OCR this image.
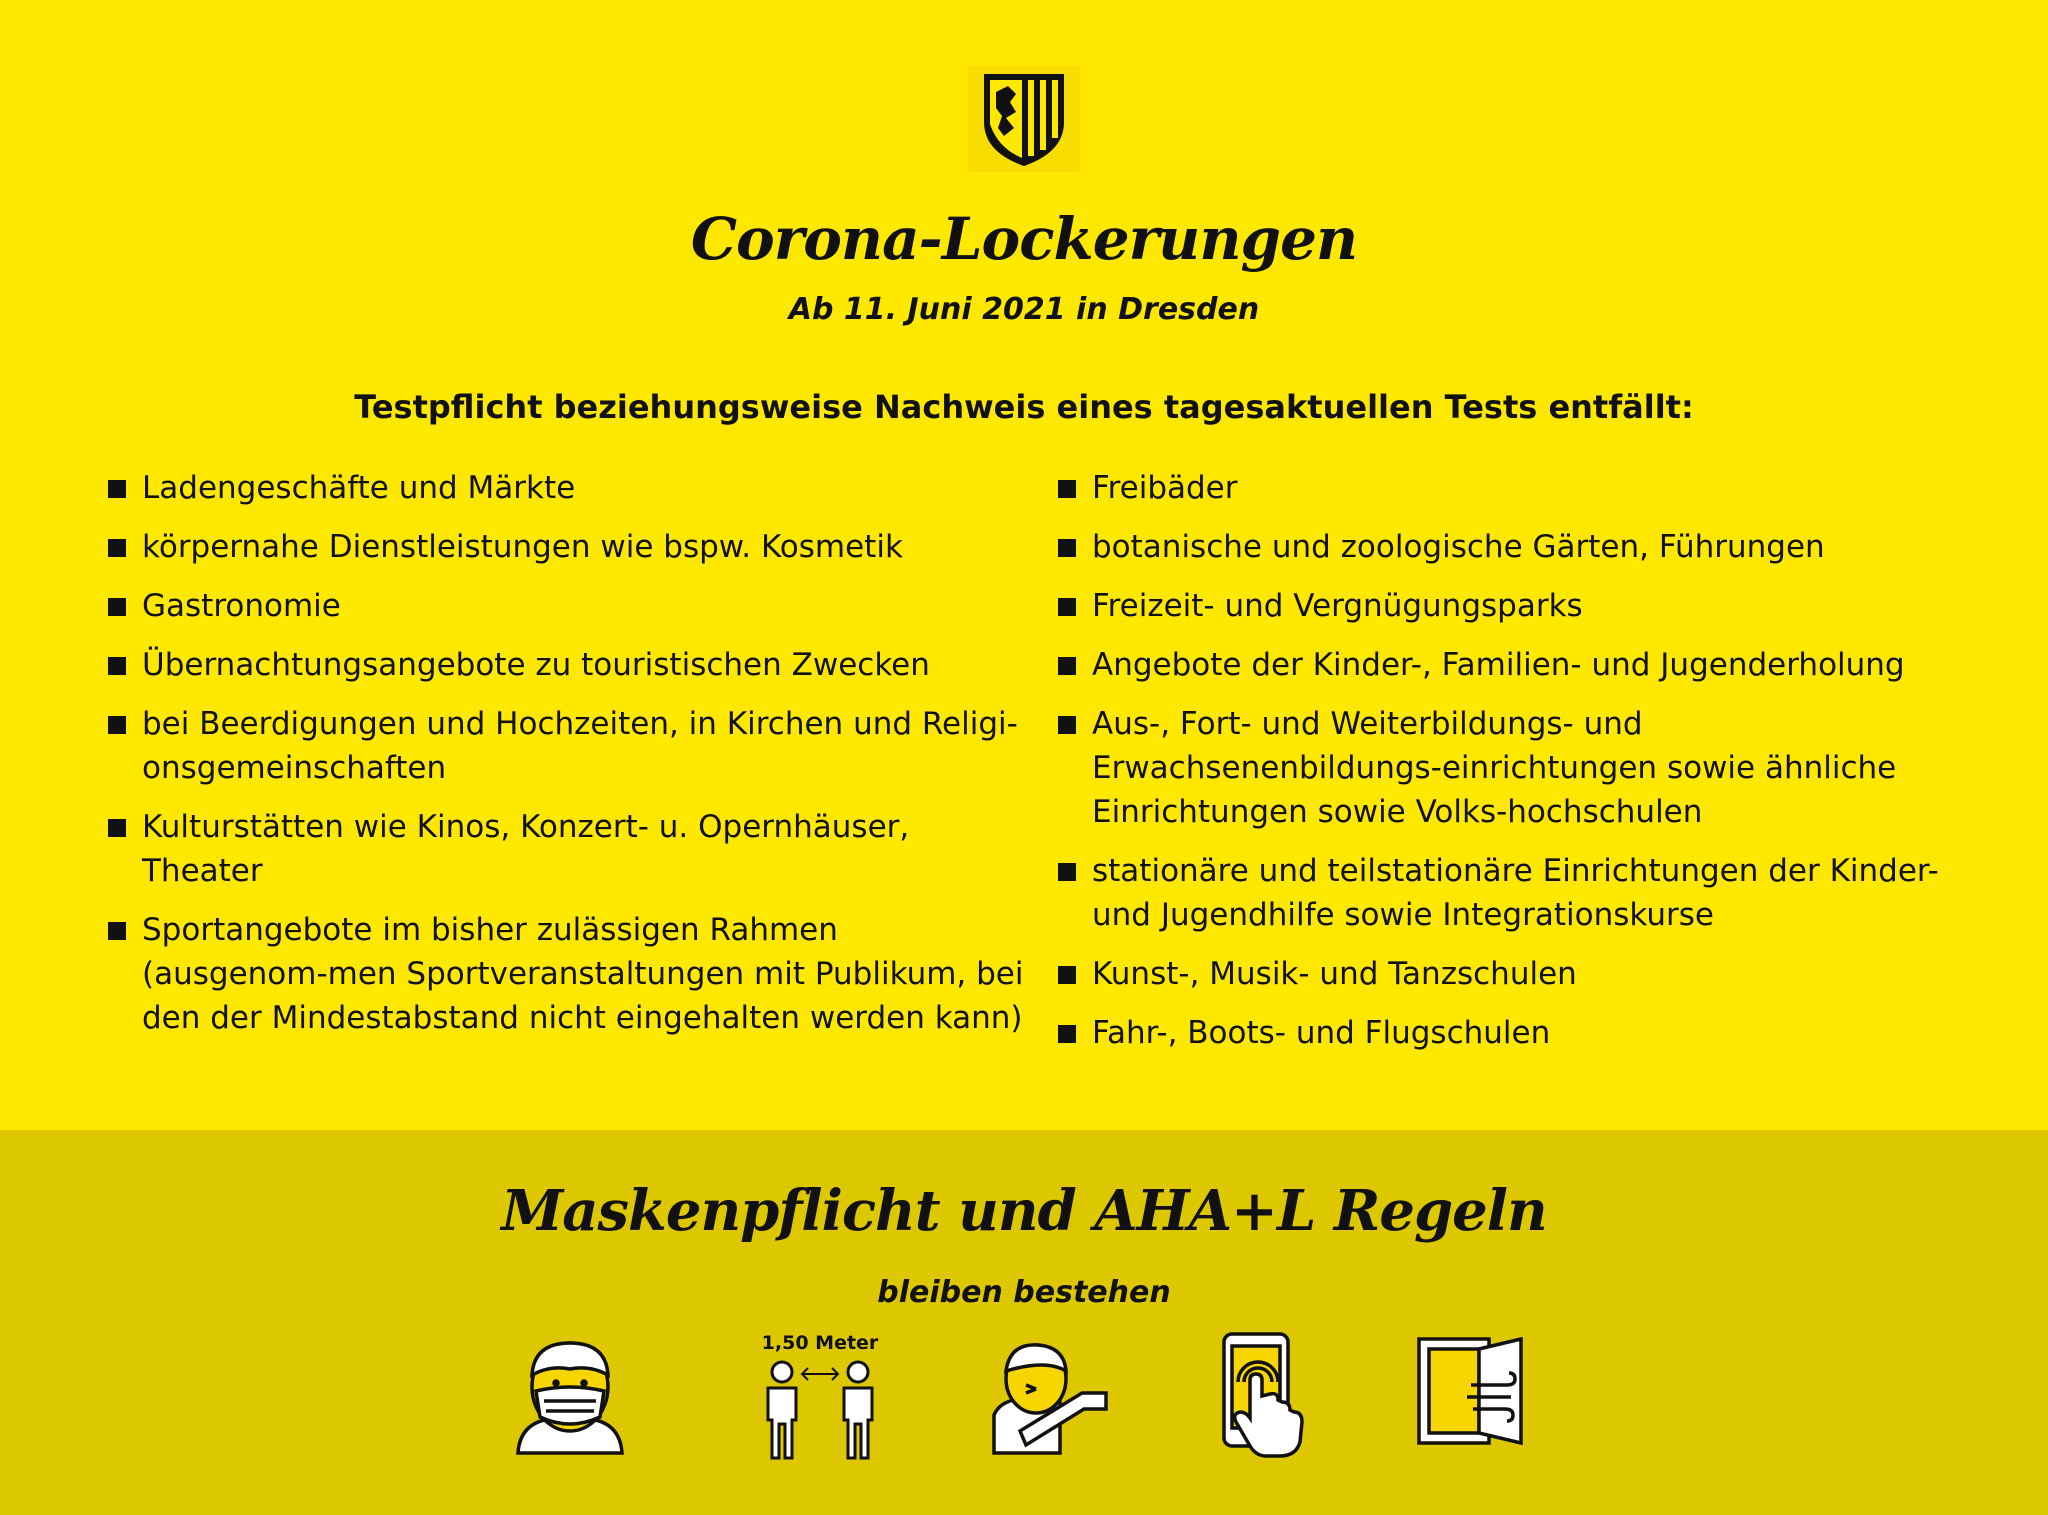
Corona-Lockerungen
Ab 11. Juni 2021 in Dresden
Testpflicht beziehungsweise Nachweis eines tagesaktuellen Tests entfällt:
Ladengeschäfte und Märkte
körpernahe Dienstleistungen wie bspw. Kosmetik
Gastronomie
Übernachtungsangebote zu touristischen Zwecken
bei Beerdigungen und Hochzeiten, in Kirchen und Religi-onsgemeinschaften
Kulturstätten wie Kinos, Konzert- u. Opernhäuser, Theater
Sportangebote im bisher zulässigen Rahmen (ausgenom-men Sportveranstaltungen mit Publikum, bei den der Mindestabstand nicht eingehalten werden kann)
Freibäder
botanische und zoologische Gärten, Führungen
Freizeit- und Vergnügungsparks
Angebote der Kinder-, Familien- und Jugenderholung
Aus-, Fort- und Weiterbildungs- und Erwachsenenbildungs-einrichtungen sowie ähnliche Einrichtungen sowie Volks-hochschulen
stationäre und teilstationäre Einrichtungen der Kinder- und Jugendhilfe sowie Integrationskurse
Kunst-, Musik- und Tanzschulen
Fahr-, Boots- und Flugschulen
Maskenpflicht und AHA+L Regeln
bleiben bestehen
1,50 Meter
